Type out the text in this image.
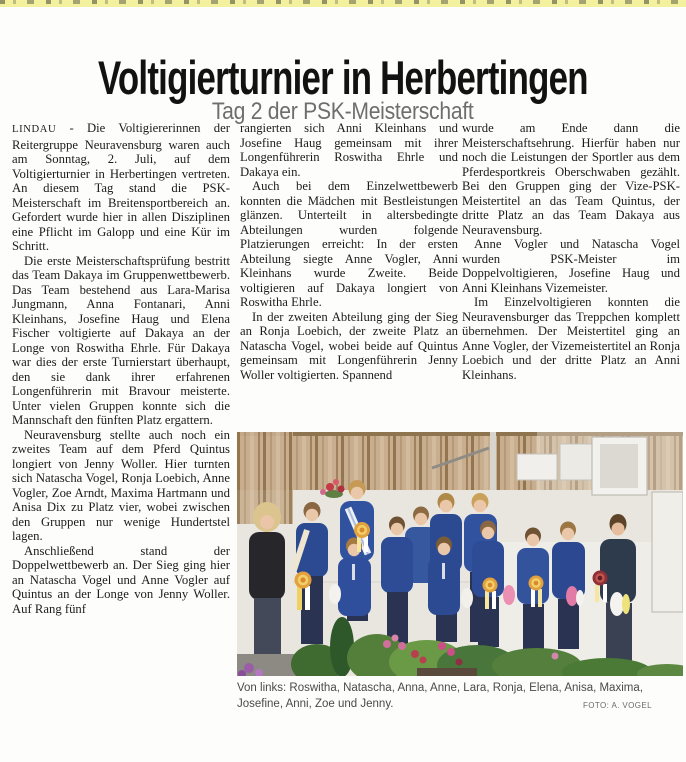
Voltigierturnier in Herbertingen
Tag 2 der PSK-Meisterschaft

LINDAU - Die Voltigiererinnen der Reitergruppe Neuravensburg waren auch am Sonntag, 2. Juli, auf dem Voltigierturnier in Herbertingen vertreten. An diesem Tag stand die PSK-Meisterschaft im Breitensportbereich an. Gefordert wurde hier in allen Disziplinen eine Pflicht im Galopp und eine Kür im Schritt.

Die erste Meisterschaftsprüfung bestritt das Team Dakaya im Gruppenwettbewerb. Das Team bestehend aus Lara-Marisa Jungmann, Anna Fontanari, Anni Kleinhans, Josefine Haug und Elena Fischer voltigierte auf Dakaya an der Longe von Roswitha Ehrle. Für Dakaya war dies der erste Turnierstart überhaupt, den sie dank ihrer erfahrenen Longenführerin mit Bravour meisterte. Unter vielen Gruppen konnte sich die Mannschaft den fünften Platz ergattern.

Neuravensburg stellte auch noch ein zweites Team auf dem Pferd Quintus longiert von Jenny Woller. Hier turnten sich Natascha Vogel, Ronja Loebich, Anne Vogler, Zoe Arndt, Maxima Hartmann und Anisa Dix zu Platz vier, wobei zwischen den Gruppen nur wenige Hundertstel lagen.

Anschließend stand der Doppelwettbewerb an. Der Sieg ging hier an Natascha Vogel und Anne Vogler auf Quintus an der Longe von Jenny Woller. Auf Rang fünf

rangierten sich Anni Kleinhans und Josefine Haug gemeinsam mit ihrer Longenführerin Roswitha Ehrle und Dakaya ein.

Auch bei dem Einzelwettbewerb konnten die Mädchen mit Bestleistungen glänzen. Unterteilt in altersbedingte Abteilungen wurden folgende Platzierungen erreicht: In der ersten Abteilung siegte Anne Vogler, Anni Kleinhans wurde Zweite. Beide voltigieren auf Dakaya longiert von Roswitha Ehrle.

In der zweiten Abteilung ging der Sieg an Ronja Loebich, der zweite Platz an Natascha Vogel, wobei beide auf Quintus gemeinsam mit Longenführerin Jenny Woller voltigierten. Spannend

wurde am Ende dann die Meisterschaftsehrung. Hierfür haben nur noch die Leistungen der Sportler aus dem Pferdesportkreis Oberschwaben gezählt. Bei den Gruppen ging der Vize-PSK-Meistertitel an das Team Quintus, der dritte Platz an das Team Dakaya aus Neuravensburg.

Anne Vogler und Natascha Vogel wurden PSK-Meister im Doppelvoltigieren, Josefine Haug und Anni Kleinhans Vizemeister.

Im Einzelvoltigieren konnten die Neuravensburger das Treppchen komplett übernehmen. Der Meistertitel ging an Anne Vogler, der Vizemeistertitel an Ronja Loebich und der dritte Platz an Anni Kleinhans.

Von links: Roswitha, Natascha, Anna, Anne, Lara, Ronja, Elena, Anisa, Maxima, Josefine, Anni, Zoe und Jenny.	FOTO: A. VOGEL
